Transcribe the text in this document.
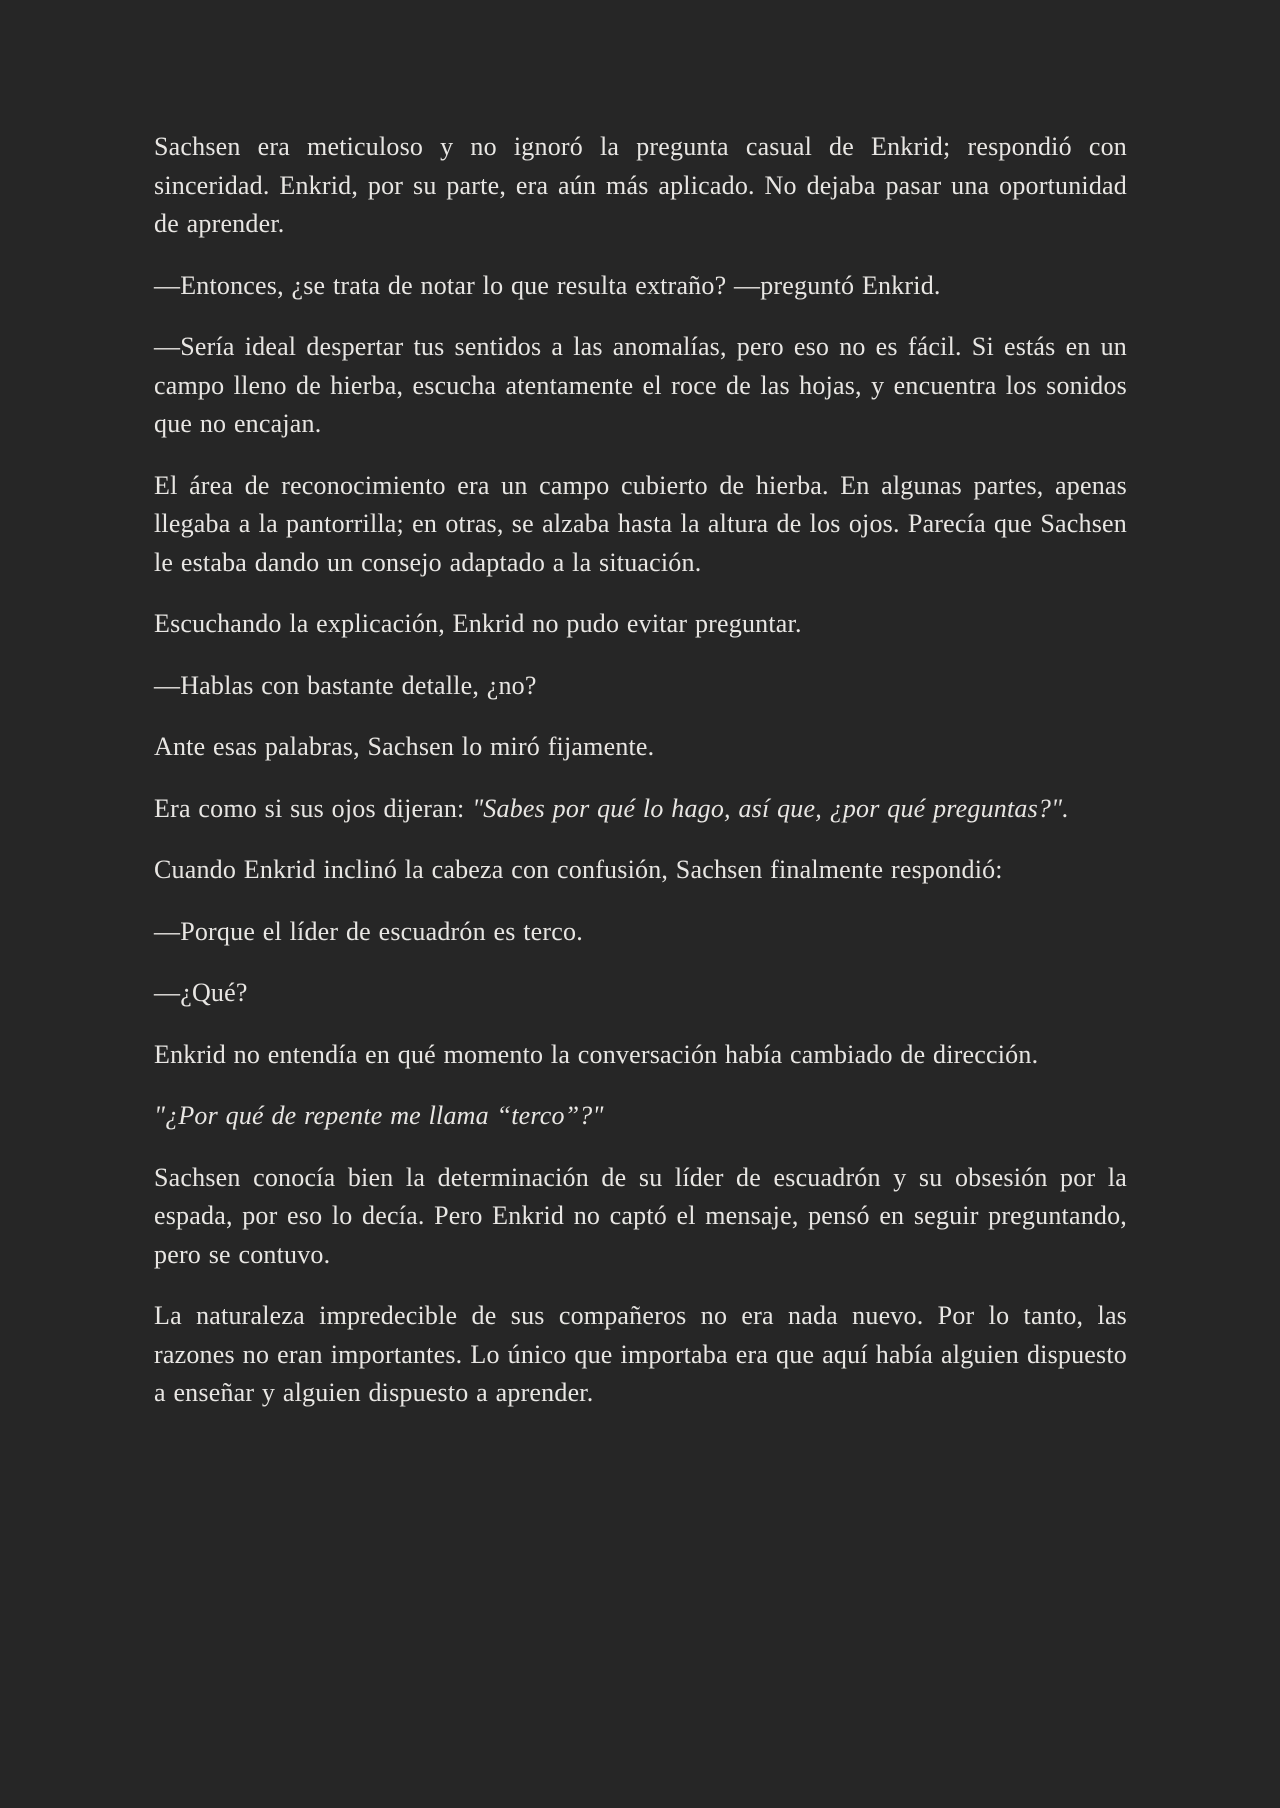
Sachsen era meticuloso y no ignoró la pregunta casual de Enkrid; respondió con sinceridad. Enkrid, por su parte, era aún más aplicado. No dejaba pasar una oportunidad de aprender.

—Entonces, ¿se trata de notar lo que resulta extraño? —preguntó Enkrid.

—Sería ideal despertar tus sentidos a las anomalías, pero eso no es fácil. Si estás en un campo lleno de hierba, escucha atentamente el roce de las hojas, y encuentra los sonidos que no encajan.

El área de reconocimiento era un campo cubierto de hierba. En algunas partes, apenas llegaba a la pantorrilla; en otras, se alzaba hasta la altura de los ojos. Parecía que Sachsen le estaba dando un consejo adaptado a la situación.

Escuchando la explicación, Enkrid no pudo evitar preguntar.

—Hablas con bastante detalle, ¿no?

Ante esas palabras, Sachsen lo miró fijamente.

Era como si sus ojos dijeran: "Sabes por qué lo hago, así que, ¿por qué preguntas?".

Cuando Enkrid inclinó la cabeza con confusión, Sachsen finalmente respondió:

—Porque el líder de escuadrón es terco.

—¿Qué?

Enkrid no entendía en qué momento la conversación había cambiado de dirección.

"¿Por qué de repente me llama “terco”?"

Sachsen conocía bien la determinación de su líder de escuadrón y su obsesión por la espada, por eso lo decía. Pero Enkrid no captó el mensaje, pensó en seguir preguntando, pero se contuvo.

La naturaleza impredecible de sus compañeros no era nada nuevo. Por lo tanto, las razones no eran importantes. Lo único que importaba era que aquí había alguien dispuesto a enseñar y alguien dispuesto a aprender.
